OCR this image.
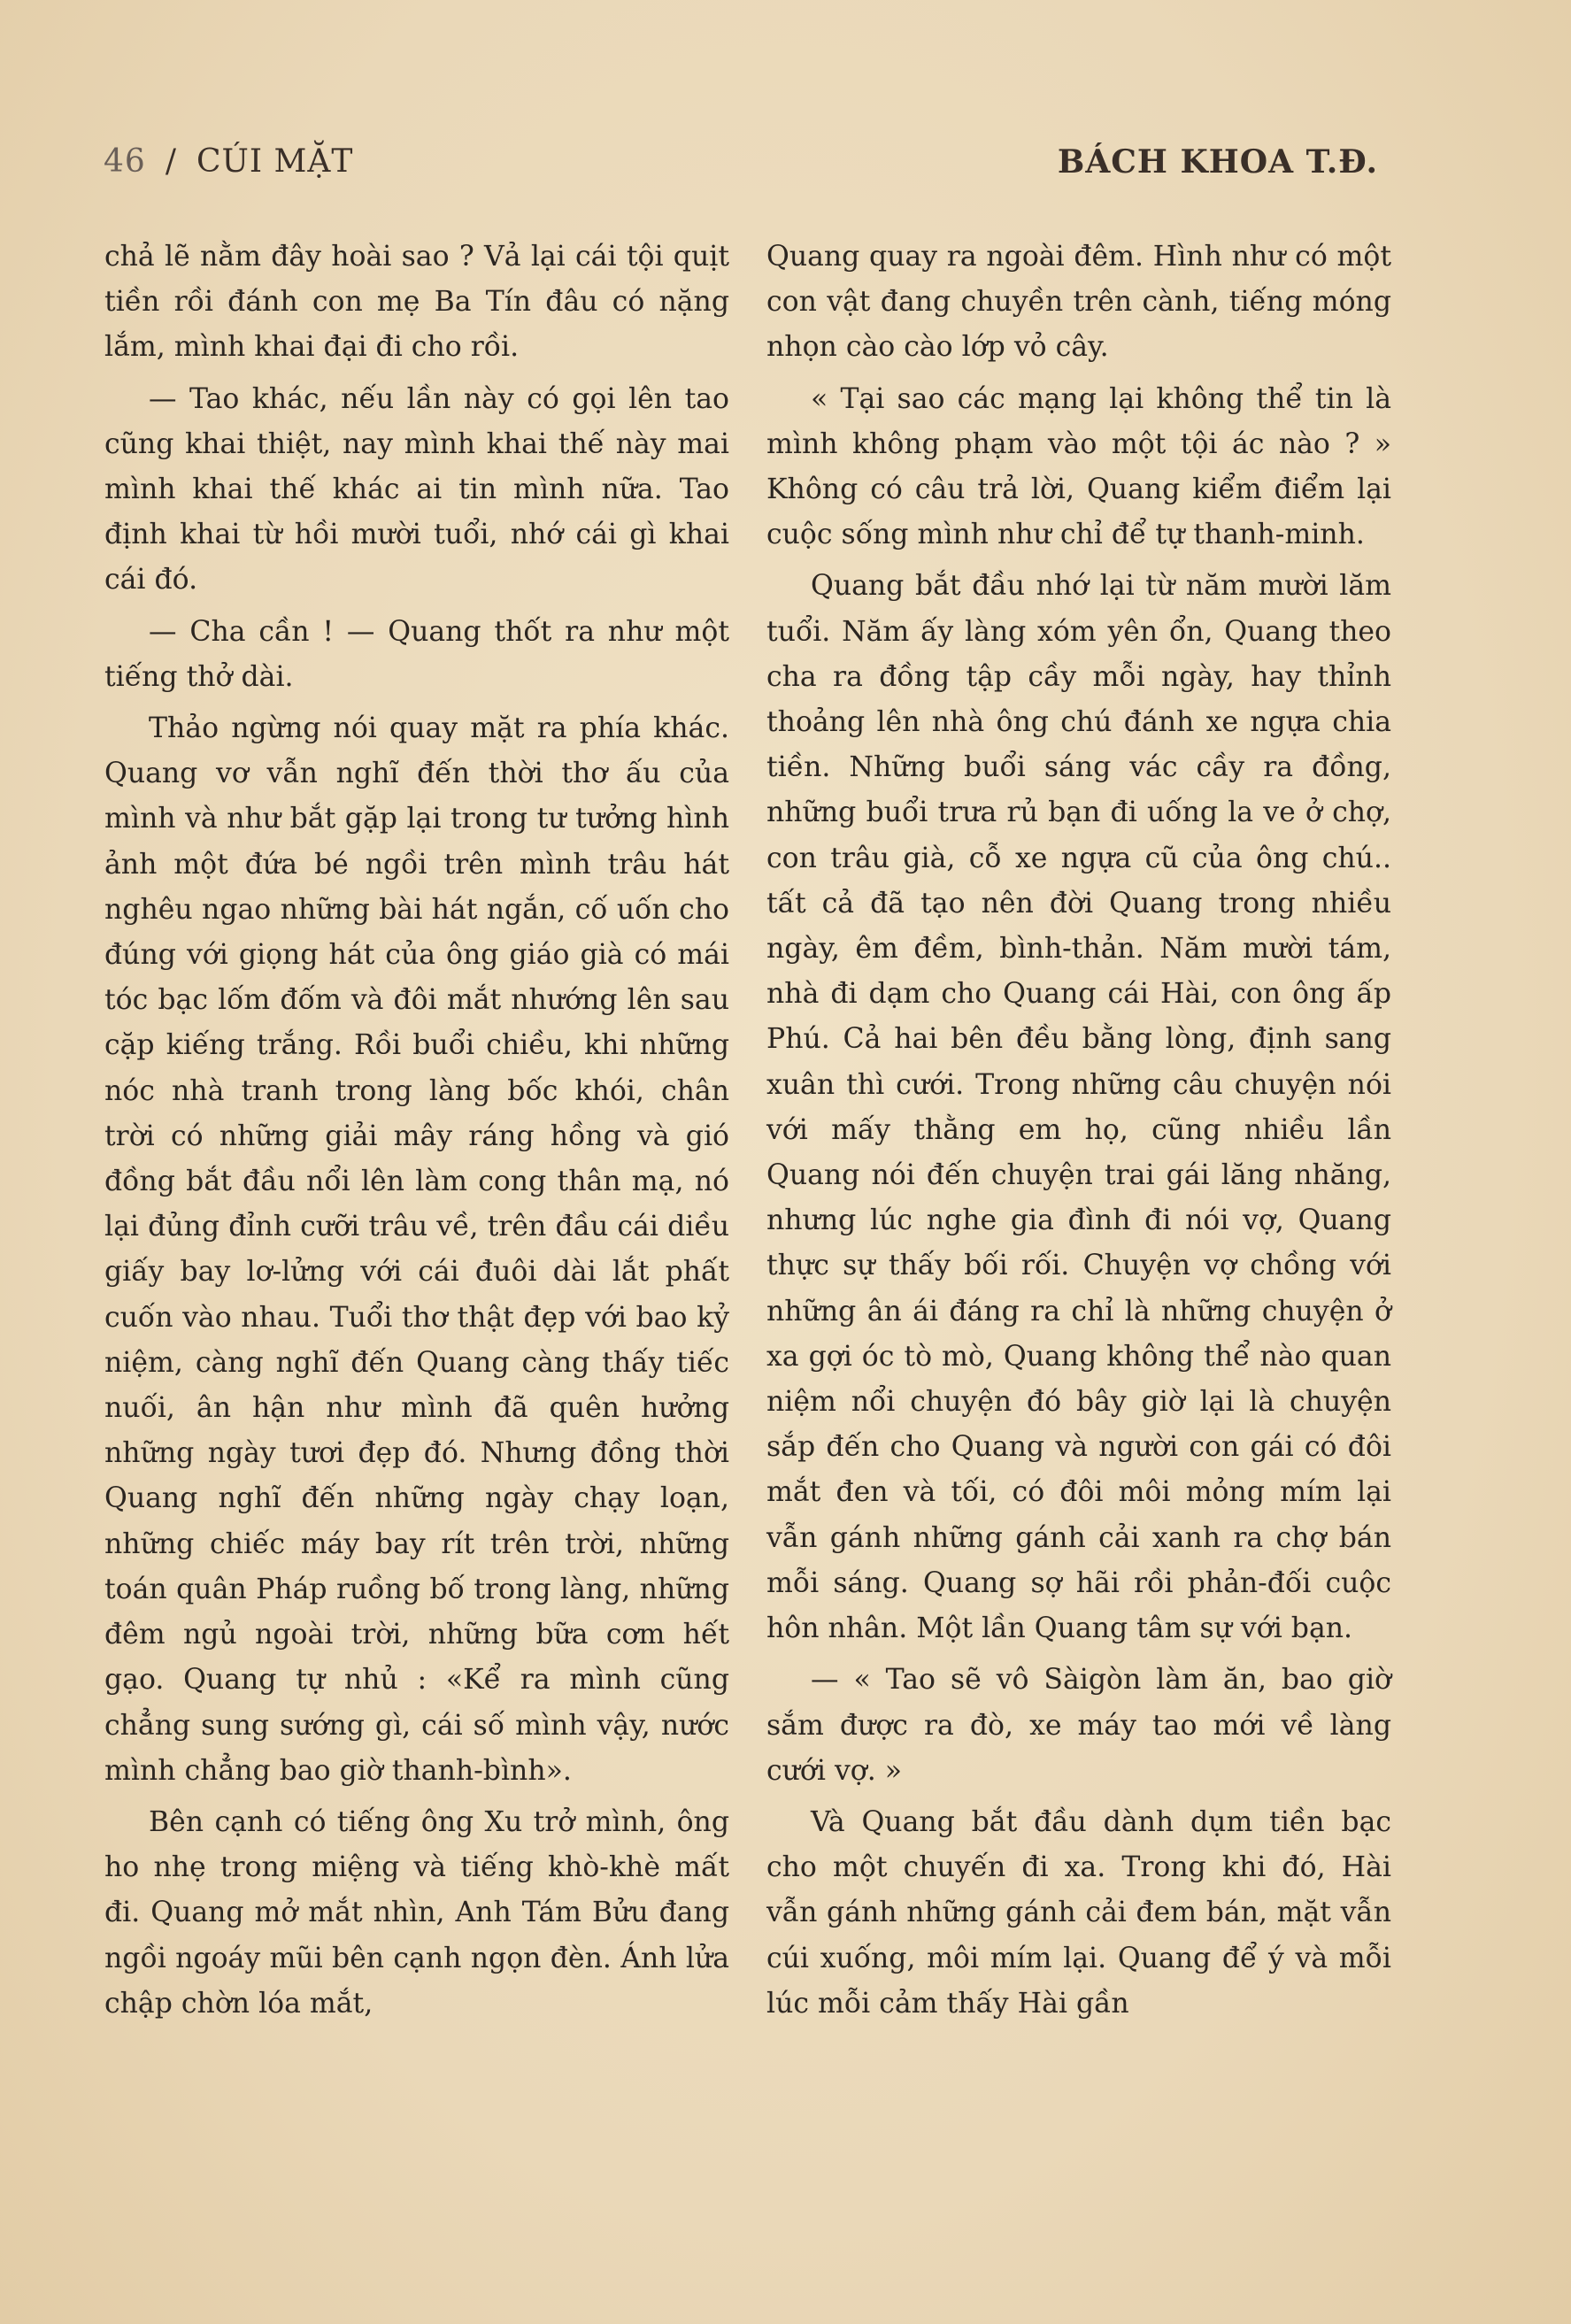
46 / CÚI MẶT	BÁCH KHOA T.Đ.

chả lẽ nằm đây hoài sao ? Vả lại cái tội quịt tiền rồi đánh con mẹ Ba Tín đâu có nặng lắm, mình khai đại đi cho rồi.

— Tao khác, nếu lần này có gọi lên tao cũng khai thiệt, nay mình khai thế này mai mình khai thế khác ai tin mình nữa. Tao định khai từ hồi mười tuổi, nhớ cái gì khai cái đó.

— Cha cần ! — Quang thốt ra như một tiếng thở dài.

Thảo ngừng nói quay mặt ra phía khác. Quang vơ vẫn nghĩ đến thời thơ ấu của mình và như bắt gặp lại trong tư tưởng hình ảnh một đứa bé ngồi trên mình trâu hát nghêu ngao những bài hát ngắn, cố uốn cho đúng với giọng hát của ông giáo già có mái tóc bạc lốm đốm và đôi mắt nhướng lên sau cặp kiếng trắng. Rồi buổi chiều, khi những nóc nhà tranh trong làng bốc khói, chân trời có những giải mây ráng hồng và gió đồng bắt đầu nổi lên làm cong thân mạ, nó lại đủng đỉnh cưỡi trâu về, trên đầu cái diều giấy bay lơ-lửng với cái đuôi dài lắt phất cuốn vào nhau. Tuổi thơ thật đẹp với bao kỷ niệm, càng nghĩ đến Quang càng thấy tiếc nuối, ân hận như mình đã quên hưởng những ngày tươi đẹp đó. Nhưng đồng thời Quang nghĩ đến những ngày chạy loạn, những chiếc máy bay rít trên trời, những toán quân Pháp ruồng bố trong làng, những đêm ngủ ngoài trời, những bữa cơm hết gạo. Quang tự nhủ : «Kể ra mình cũng chẳng sung sướng gì, cái số mình vậy, nước mình chẳng bao giờ thanh-bình».

Bên cạnh có tiếng ông Xu trở mình, ông ho nhẹ trong miệng và tiếng khò-khè mất đi. Quang mở mắt nhìn, Anh Tám Bửu đang ngồi ngoáy mũi bên cạnh ngọn đèn. Ánh lửa chập chờn lóa mắt,

Quang quay ra ngoài đêm. Hình như có một con vật đang chuyền trên cành, tiếng móng nhọn cào cào lớp vỏ cây.

« Tại sao các mạng lại không thể tin là mình không phạm vào một tội ác nào ? » Không có câu trả lời, Quang kiểm điểm lại cuộc sống mình như chỉ để tự thanh-minh.

Quang bắt đầu nhớ lại từ năm mười lăm tuổi. Năm ấy làng xóm yên ổn, Quang theo cha ra đồng tập cầy mỗi ngày, hay thỉnh thoảng lên nhà ông chú đánh xe ngựa chia tiền. Những buổi sáng vác cầy ra đồng, những buổi trưa rủ bạn đi uống la ve ở chợ, con trâu già, cỗ xe ngựa cũ của ông chú.. tất cả đã tạo nên đời Quang trong nhiều ngày, êm đềm, bình-thản. Năm mười tám, nhà đi dạm cho Quang cái Hài, con ông ấp Phú. Cả hai bên đều bằng lòng, định sang xuân thì cưới. Trong những câu chuyện nói với mấy thằng em họ, cũng nhiều lần Quang nói đến chuyện trai gái lăng nhăng, nhưng lúc nghe gia đình đi nói vợ, Quang thực sự thấy bối rối. Chuyện vợ chồng với những ân ái đáng ra chỉ là những chuyện ở xa gợi óc tò mò, Quang không thể nào quan niệm nổi chuyện đó bây giờ lại là chuyện sắp đến cho Quang và người con gái có đôi mắt đen và tối, có đôi môi mỏng mím lại vẫn gánh những gánh cải xanh ra chợ bán mỗi sáng. Quang sợ hãi rồi phản-đối cuộc hôn nhân. Một lần Quang tâm sự với bạn.

— « Tao sẽ vô Sàigòn làm ăn, bao giờ sắm được ra đò, xe máy tao mới về làng cưới vợ. »

Và Quang bắt đầu dành dụm tiền bạc cho một chuyến đi xa. Trong khi đó, Hài vẫn gánh những gánh cải đem bán, mặt vẫn cúi xuống, môi mím lại. Quang để ý và mỗi lúc mỗi cảm thấy Hài gần
